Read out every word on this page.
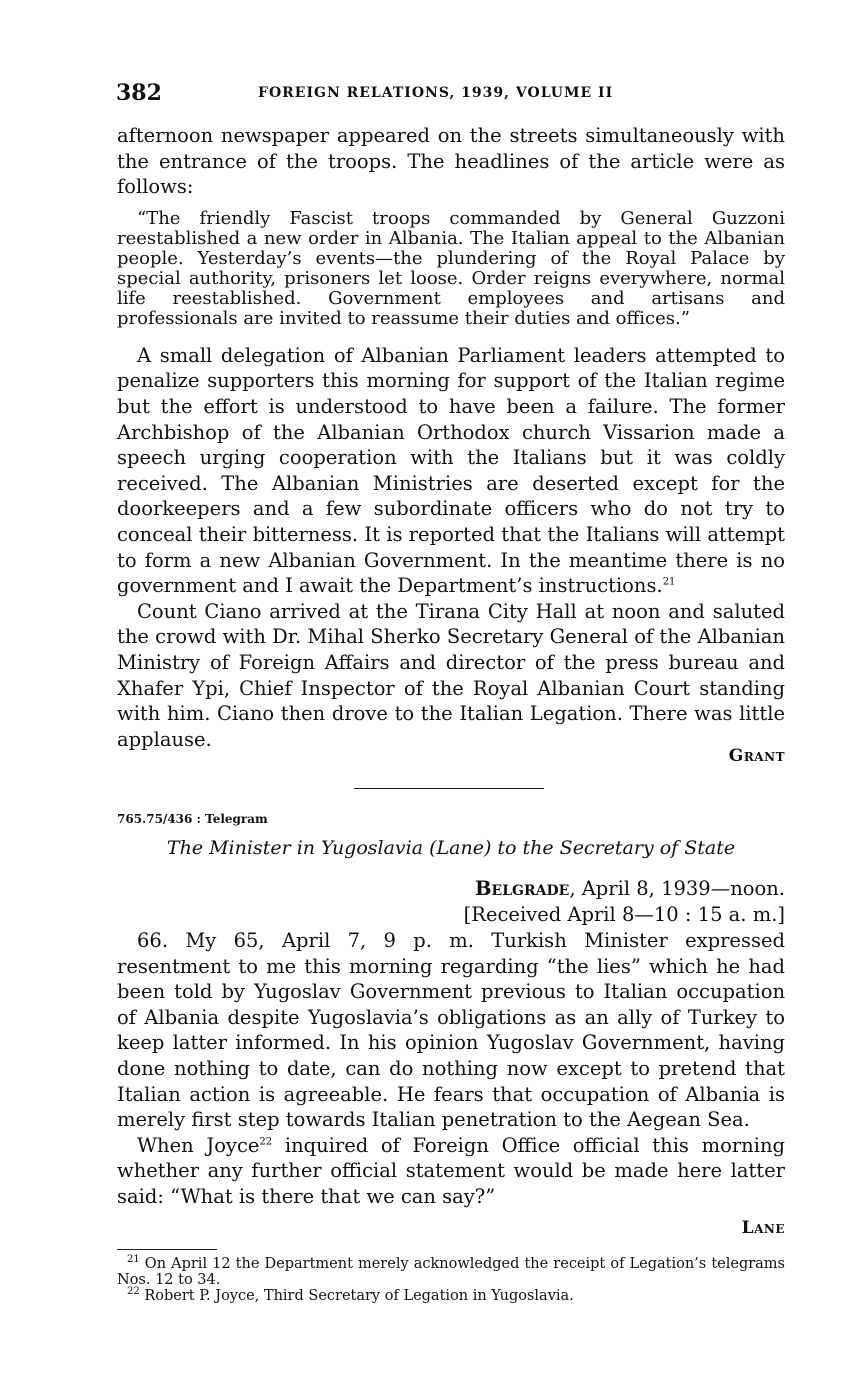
382	FOREIGN RELATIONS, 1939, VOLUME II

afternoon newspaper appeared on the streets simultaneously with the entrance of the troops. The headlines of the article were as follows:

“The friendly Fascist troops commanded by General Guzzoni reestablished a new order in Albania. The Italian appeal to the Albanian people. Yesterday’s events—the plundering of the Royal Palace by special authority, prisoners let loose. Order reigns everywhere, normal life reestablished. Government employees and artisans and professionals are invited to reassume their duties and offices.”

A small delegation of Albanian Parliament leaders attempted to penalize supporters this morning for support of the Italian regime but the effort is understood to have been a failure. The former Archbishop of the Albanian Orthodox church Vissarion made a speech urging cooperation with the Italians but it was coldly received. The Albanian Ministries are deserted except for the doorkeepers and a few subordinate officers who do not try to conceal their bitterness. It is reported that the Italians will attempt to form a new Albanian Government. In the meantime there is no government and I await the Department’s instructions.$^{21}$

Count Ciano arrived at the Tirana City Hall at noon and saluted the crowd with Dr. Mihal Sherko Secretary General of the Albanian Ministry of Foreign Affairs and director of the press bureau and Xhafer Ypi, Chief Inspector of the Royal Albanian Court standing with him. Ciano then drove to the Italian Legation. There was little applause.

Grant

765.75/436 : Telegram

The Minister in Yugoslavia (Lane) to the Secretary of State

Belgrade, April 8, 1939—noon.

[Received April 8—10 : 15 a. m.]

66. My 65, April 7, 9 p. m. Turkish Minister expressed resentment to me this morning regarding “the lies” which he had been told by Yugoslav Government previous to Italian occupation of Albania despite Yugoslavia’s obligations as an ally of Turkey to keep latter informed. In his opinion Yugoslav Government, having done nothing to date, can do nothing now except to pretend that Italian action is agreeable. He fears that occupation of Albania is merely first step towards Italian penetration to the Aegean Sea.

When Joyce$^{22}$ inquired of Foreign Office official this morning whether any further official statement would be made here latter said: “What is there that we can say?”

Lane

$^{21}$ On April 12 the Department merely acknowledged the receipt of Legation’s telegrams Nos. 12 to 34.

$^{22}$ Robert P. Joyce, Third Secretary of Legation in Yugoslavia.
